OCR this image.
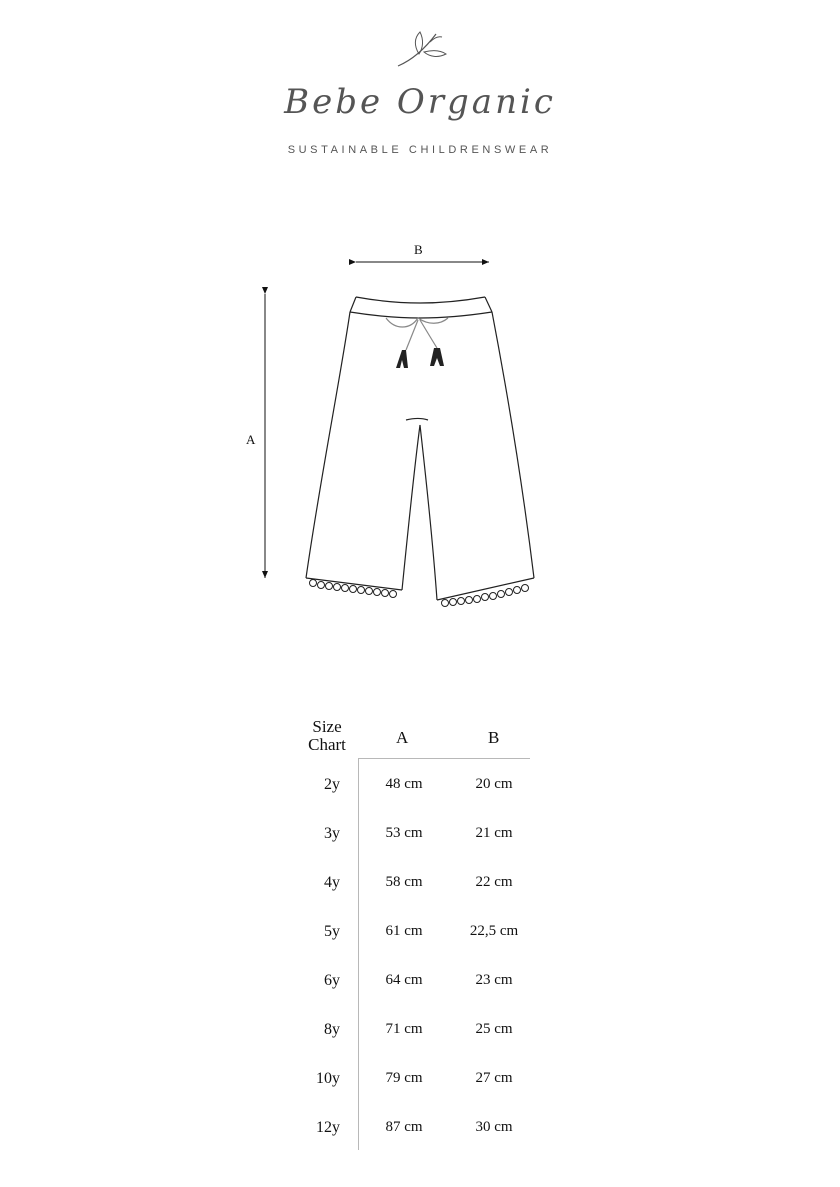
Bebe Organic
SUSTAINABLE CHILDRENSWEAR
B
A
Size
Chart	A	B
2y	48 cm	20 cm
3y	53 cm	21 cm
4y	58 cm	22 cm
5y	61 cm	22,5 cm
6y	64 cm	23 cm
8y	71 cm	25 cm
10y	79 cm	27 cm
12y	87 cm	30 cm
